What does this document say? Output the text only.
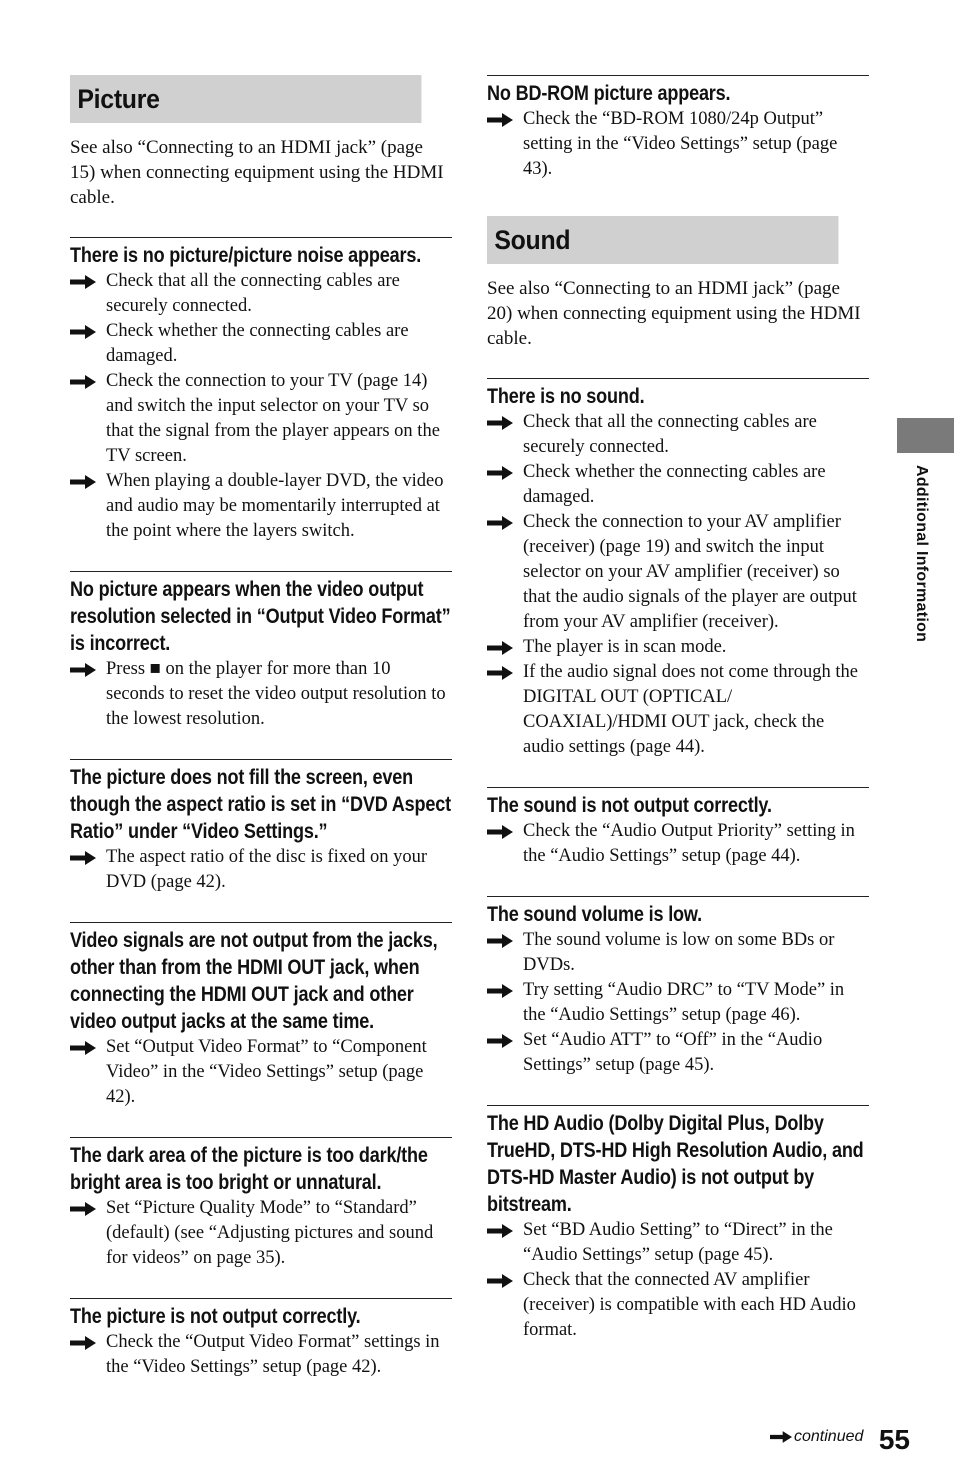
Picture

See also “Connecting to an HDMI jack” (page 15) when connecting equipment using the HDMI cable.

There is no picture/picture noise appears.
Check that all the connecting cables are securely connected.
Check whether the connecting cables are damaged.
Check the connection to your TV (page 14) and switch the input selector on your TV so that the signal from the player appears on the TV screen.
When playing a double-layer DVD, the video and audio may be momentarily interrupted at the point where the layers switch.
No picture appears when the video output resolution selected in “Output Video Format” is incorrect.
Press ■ on the player for more than 10 seconds to reset the video output resolution to the lowest resolution.
The picture does not fill the screen, even though the aspect ratio is set in “DVD Aspect Ratio” under “Video Settings.”
The aspect ratio of the disc is fixed on your DVD (page 42).
Video signals are not output from the jacks, other than from the HDMI OUT jack, when connecting the HDMI OUT jack and other video output jacks at the same time.
Set “Output Video Format” to “Component Video” in the “Video Settings” setup (page 42).
The dark area of the picture is too dark/the bright area is too bright or unnatural.
Set “Picture Quality Mode” to “Standard” (default) (see “Adjusting pictures and sound for videos” on page 35).
The picture is not output correctly.
Check the “Output Video Format” settings in the “Video Settings” setup (page 42).
No BD-ROM picture appears.
Check the “BD-ROM 1080/24p Output” setting in the “Video Settings” setup (page 43).
Sound

See also “Connecting to an HDMI jack” (page 20) when connecting equipment using the HDMI cable.

There is no sound.
Check that all the connecting cables are securely connected.
Check whether the connecting cables are damaged.
Check the connection to your AV amplifier (receiver) (page 19) and switch the input selector on your AV amplifier (receiver) so that the audio signals of the player are output from your AV amplifier (receiver).
The player is in scan mode.
If the audio signal does not come through the DIGITAL OUT (OPTICAL/ COAXIAL)/HDMI OUT jack, check the audio settings (page 44).
The sound is not output correctly.
Check the “Audio Output Priority” setting in the “Audio Settings” setup (page 44).
The sound volume is low.
The sound volume is low on some BDs or DVDs.
Try setting “Audio DRC” to “TV Mode” in the “Audio Settings” setup (page 46).
Set “Audio ATT” to “Off” in the “Audio Settings” setup (page 45).
The HD Audio (Dolby Digital Plus, Dolby TrueHD, DTS-HD High Resolution Audio, and DTS-HD Master Audio) is not output by bitstream.
Set “BD Audio Setting” to “Direct” in the “Audio Settings” setup (page 45).
Check that the connected AV amplifier (receiver) is compatible with each HD Audio format.
Additional Information
continued 55
